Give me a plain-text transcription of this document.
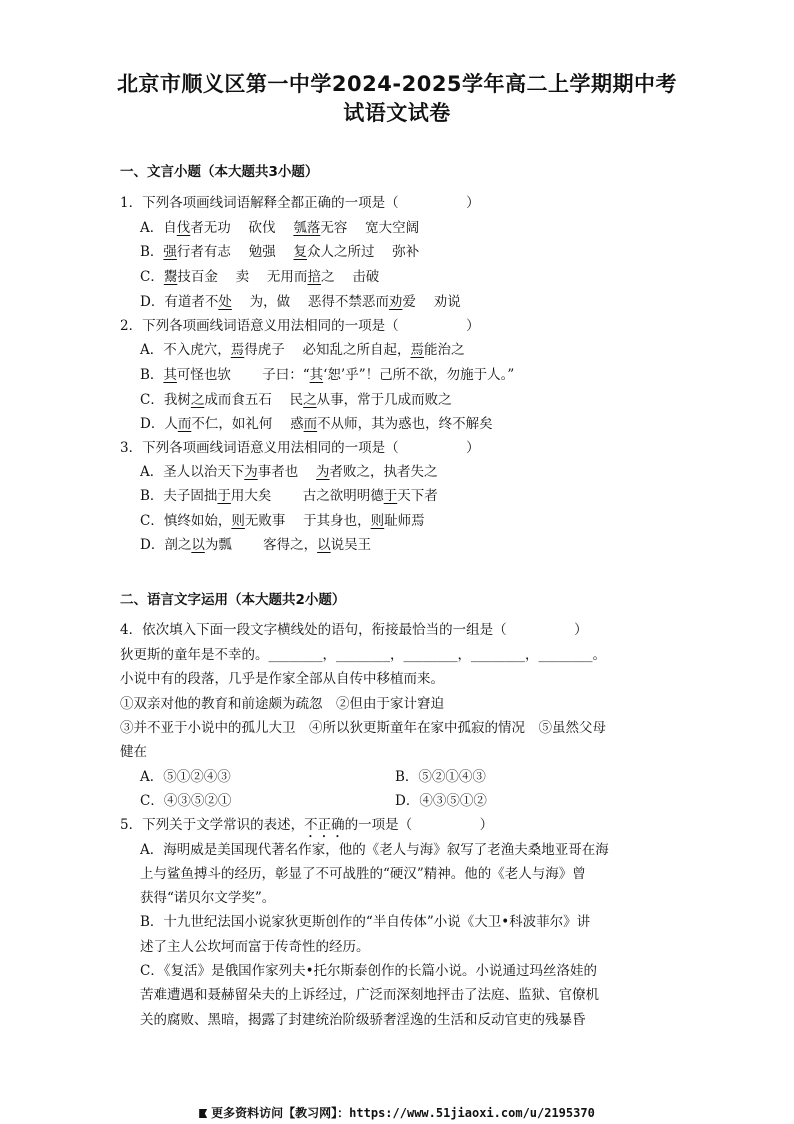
北京市顺义区第一中学2024-2025学年高二上学期期中考
试语文试卷
一、文言小题（本大题共3小题）
1．下列各项画线词语解释全都正确的一项是（　　　　　）
A．自伐者无功　 砍伐　 瓠落无容　 宽大空阔
B．强行者有志　 勉强　 复众人之所过　 弥补
C．鬻技百金　 卖　 无用而掊之　 击破
D．有道者不处　 为，做　 恶得不禁恶而劝爱　 劝说
2．下列各项画线词语意义用法相同的一项是（　　　　　）
A．不入虎穴，焉得虎子　 必知乱之所自起，焉能治之
B．其可怪也欤　　 子曰：“其‘恕’乎”！己所不欲，勿施于人。”
C．我树之成而食五石　 民之从事，常于几成而败之
D．人而不仁，如礼何　 惑而不从师，其为惑也，终不解矣
3．下列各项画线词语意义用法相同的一项是（　　　　　）
A．圣人以治天下为事者也　 为者败之，执者失之
B．夫子固拙于用大矣　　 古之欲明明德于天下者
C．慎终如始，则无败事　 于其身也，则耻师焉
D．剖之以为瓢　　 客得之，以说吴王
二、语言文字运用（本大题共2小题）
4．依次填入下面一段文字横线处的语句，衔接最恰当的一组是（　　　　　）
狄更斯的童年是不幸的。________，________，________，________，________。
小说中有的段落，几乎是作家全部从自传中移植而来。
①双亲对他的教育和前途颇为疏忽　②但由于家计窘迫
③并不亚于小说中的孤儿大卫　④所以狄更斯童年在家中孤寂的情况　⑤虽然父母
健在
A．⑤①②④③	B．⑤②①④③
C．④③⑤②①	D．④③⑤①②
5．下列关于文学常识的表述，不正确的一项是（　　　　　）
A．海明威是美国现代著名作家，他的《老人与海》叙写了老渔夫桑地亚哥在海
上与鲨鱼搏斗的经历，彰显了不可战胜的“硬汉”精神。他的《老人与海》曾
获得“诺贝尔文学奖”。
B．十九世纪法国小说家狄更斯创作的“半自传体”小说《大卫•科波菲尔》讲
述了主人公坎坷而富于传奇性的经历。
C．《复活》是俄国作家列夫•托尔斯泰创作的长篇小说。小说通过玛丝洛娃的
苦难遭遇和聂赫留朵夫的上诉经过，广泛而深刻地抨击了法庭、监狱、官僚机
关的腐败、黑暗，揭露了封建统治阶级骄奢淫逸的生活和反动官吏的残暴昏
更多资料访问【教习网】：https://www.51jiaoxi.com/u/2195370
